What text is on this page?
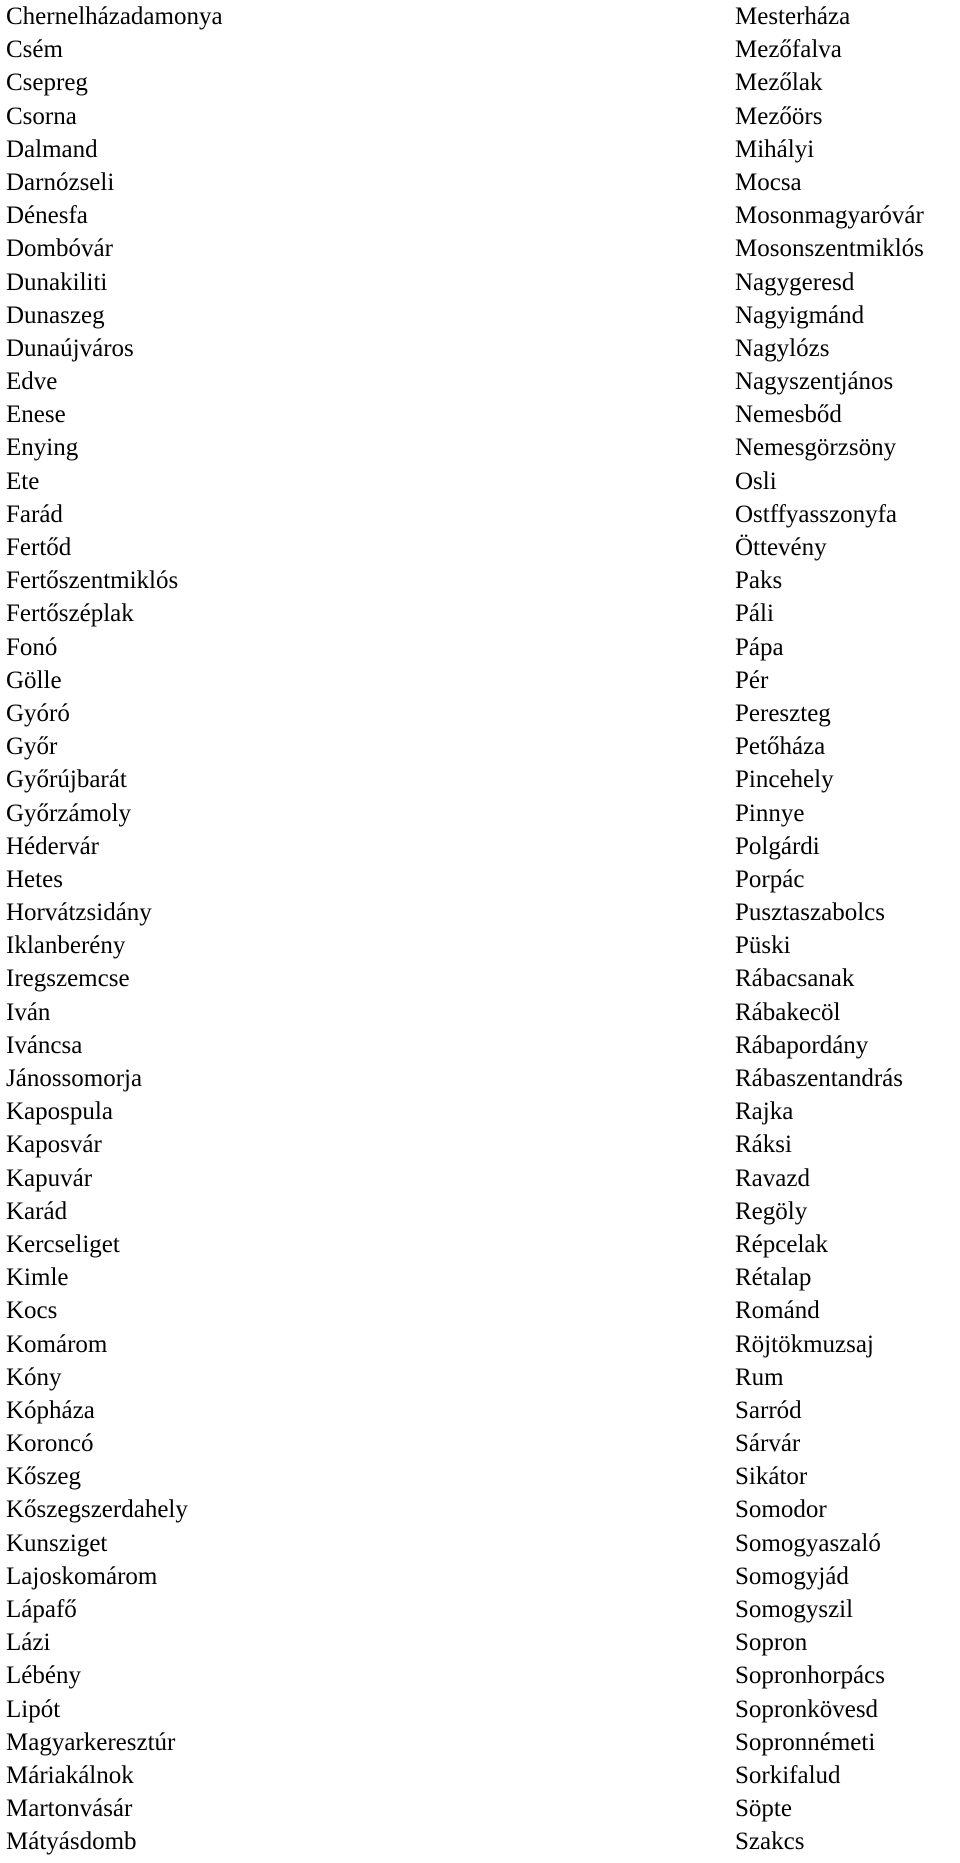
Chernelházadamonya
Csém
Csepreg
Csorna
Dalmand
Darnózseli
Dénesfa
Dombóvár
Dunakiliti
Dunaszeg
Dunaújváros
Edve
Enese
Enying
Ete
Farád
Fertőd
Fertőszentmiklós
Fertőszéplak
Fonó
Gölle
Gyóró
Győr
Győrújbarát
Győrzámoly
Hédervár
Hetes
Horvátzsidány
Iklanberény
Iregszemcse
Iván
Iváncsa
Jánossomorja
Kapospula
Kaposvár
Kapuvár
Karád
Kercseliget
Kimle
Kocs
Komárom
Kóny
Kópháza
Koroncó
Kőszeg
Kőszegszerdahely
Kunsziget
Lajoskomárom
Lápafő
Lázi
Lébény
Lipót
Magyarkeresztúr
Máriakálnok
Martonvásár
Mátyásdomb
Mesterháza
Mezőfalva
Mezőlak
Mezőörs
Mihályi
Mocsa
Mosonmagyaróvár
Mosonszentmiklós
Nagygeresd
Nagyigmánd
Nagylózs
Nagyszentjános
Nemesbőd
Nemesgörzsöny
Osli
Ostffyasszonyfa
Öttevény
Paks
Páli
Pápa
Pér
Pereszteg
Petőháza
Pincehely
Pinnye
Polgárdi
Porpác
Pusztaszabolcs
Püski
Rábacsanak
Rábakecöl
Rábapordány
Rábaszentandrás
Rajka
Ráksi
Ravazd
Regöly
Répcelak
Rétalap
Románd
Röjtökmuzsaj
Rum
Sarród
Sárvár
Sikátor
Somodor
Somogyaszaló
Somogyjád
Somogyszil
Sopron
Sopronhorpács
Sopronkövesd
Sopronnémeti
Sorkifalud
Söpte
Szakcs
